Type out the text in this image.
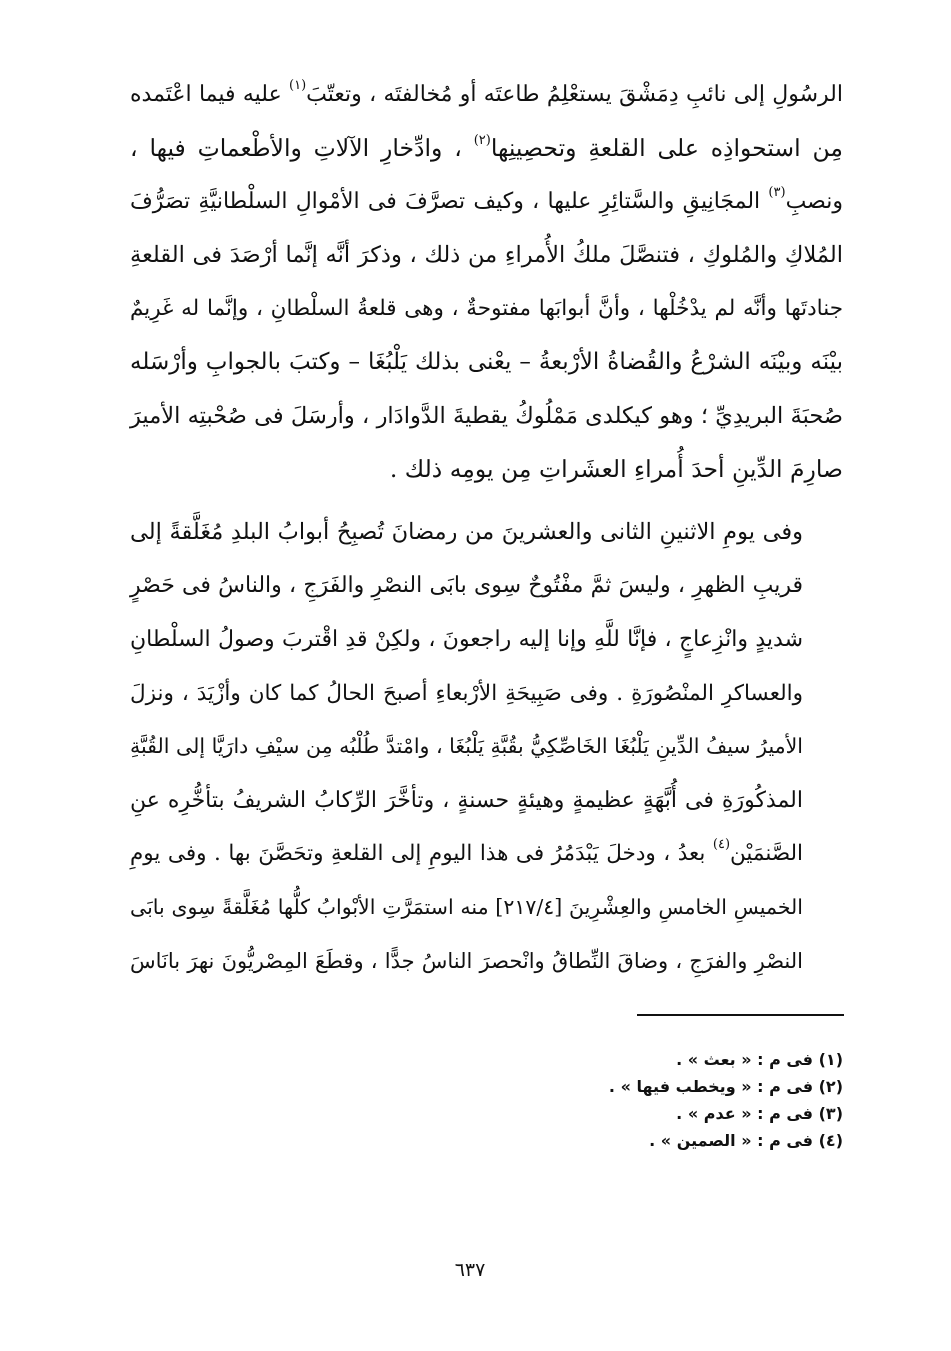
الرسُولِ إلى نائبِ دِمَشْقَ يستعْلِمُ طاعتَه أو مُخالفتَه ، وتعتّبَ$^{(١)}$ عليه فيما اعْتَمده
مِن استحواذِه على القلعةِ وتحصِينِها$^{(٢)}$ ، وادِّخارِ الآلاتِ والأطْعماتِ فيها ،
ونصبِ$^{(٣)}$ المجَانِيقِ والسَّتائِرِ عليها ، وكيف تصرَّفَ فى الأمْوالِ السلْطانيَّةِ تصَرُّفَ
المُلاكِ والمُلوكِ ، فتنصَّلَ ملكُ الأُمراءِ من ذلك ، وذكرَ أنَّه إنَّما أرْصَدَ فى القلعةِ
جنادتَها وأنَّه لم يدْخُلْها ، وأنَّ أبوابَها مفتوحةٌ ، وهى قلعةُ السلْطانِ ، وإنَّما له غَرِيمٌ
بيْنَه وبيْنَه الشرْعُ والقُضاةُ الأرْبعةُ – يعْنى بذلك يَلْبُغَا – وكتبَ بالجوابِ وأرْسَله
صُحبَةَ البريدِيِّ ؛ وهو كيكلدى مَمْلُوكُ يقطيةَ الدَّوادَار ، وأرسَلَ فى صُحْبتِه الأميرَ
صارِمَ الدِّينِ أحدَ أُمراءِ العشَراتِ مِن يومِه ذلك .

وفى يومِ الاثنينِ الثانى والعشرينَ من رمضانَ تُصبِحُ أبوابُ البلدِ مُغَلَّقةً إلى
قريبِ الظهرِ ، وليسَ ثمَّ مفْتُوحٌ سِوى بابَى النصْرِ والفَرَجِ ، والناسُ فى حَصْرٍ
شديدٍ وانْزِعاجٍ ، فإنَّا للَّهِ وإنا إليه راجعونَ ، ولكِنْ قدِ اقْتربَ وصولُ السلْطانِ
والعساكرِ المنْصُورَةِ . وفى صَبِيحَةِ الأرْبعاءِ أصبحَ الحالُ كما كان وأزْيَدَ ، ونزلَ
الأميرُ سيفُ الدِّينِ يَلْبُغَا الخَاصِّكِيُّ بقُبَّةِ يَلْبُغَا ، وامْتدَّ طُلْبُه مِن سيْفِ دارَيَّا إلى القُبَّةِ
المذكُورَةِ فى أُبَّهَةٍ عظيمةٍ وهيئةٍ حسنةٍ ، وتأخَّرَ الرِّكابُ الشريفُ بتأخُّرِه عنِ
الصَّنمَيْن$^{(٤)}$ بعدُ ، ودخلَ يَبْدَمُرُ فى هذا اليومِ إلى القلعةِ وتحَصَّنَ بها . وفى يومِ
الخميسِ الخامسِ والعِشْرِينَ [٢١٧/٤] منه استمَرَّتِ الأبْوابُ كلُّها مُغَلَّقةً سِوى بابَى
النصْرِ والفرَجِ ، وضاقَ النِّطاقُ وانْحصرَ الناسُ جدًّا ، وقطَعَ المِصْريُّونَ نهرَ بانَاسَ

(١) فى م : « بعث » .
(٢) فى م : « ويخطب فيها » .
(٣) فى م : « عدم » .
(٤) فى م : « الصمين » .
٦٣٧
